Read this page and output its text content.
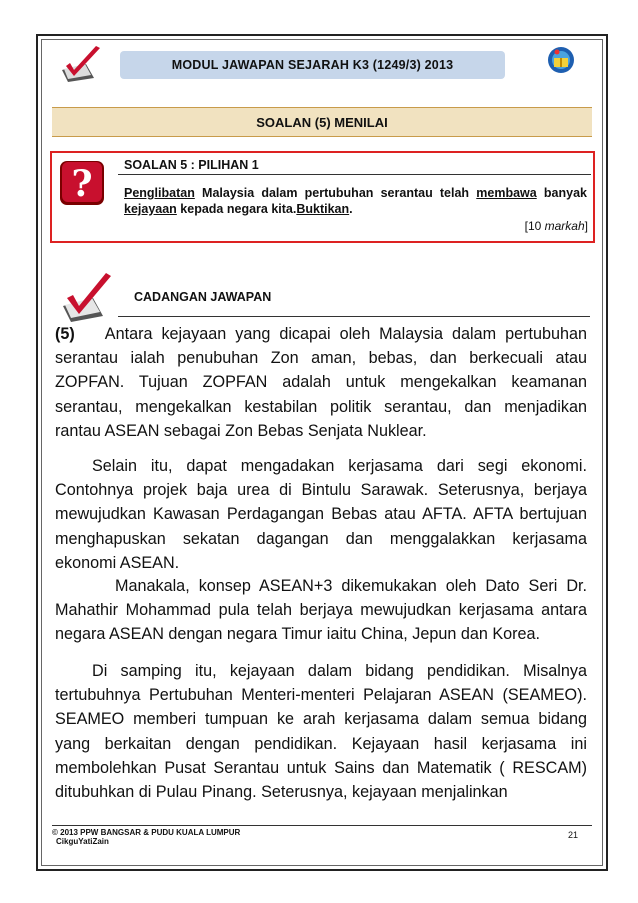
MODUL JAWAPAN SEJARAH K3 (1249/3) 2013
SOALAN (5) MENILAI
?	SOALAN 5 : PILIHAN 1
Penglibatan Malaysia dalam pertubuhan serantau telah membawa banyak kejayaan kepada negara kita.Buktikan.
[10 markah]
CADANGAN JAWAPAN
(5) Antara kejayaan yang dicapai oleh Malaysia dalam pertubuhan serantau ialah penubuhan Zon aman, bebas, dan berkecuali atau ZOPFAN. Tujuan ZOPFAN adalah untuk mengekalkan keamanan serantau, mengekalkan kestabilan politik serantau, dan menjadikan rantau ASEAN sebagai Zon Bebas Senjata Nuklear.
Selain itu, dapat mengadakan kerjasama dari segi ekonomi. Contohnya projek baja urea di Bintulu Sarawak. Seterusnya, berjaya mewujudkan Kawasan Perdagangan Bebas atau AFTA. AFTA bertujuan menghapuskan sekatan dagangan dan menggalakkan kerjasama ekonomi ASEAN.
Manakala, konsep ASEAN+3 dikemukakan oleh Dato Seri Dr. Mahathir Mohammad pula telah berjaya mewujudkan kerjasama antara negara ASEAN dengan negara Timur iaitu China, Jepun dan Korea.
Di samping itu, kejayaan dalam bidang pendidikan. Misalnya tertubuhnya Pertubuhan Menteri-menteri Pelajaran ASEAN (SEAMEO). SEAMEO memberi tumpuan ke arah kerjasama dalam semua bidang yang berkaitan dengan pendidikan. Kejayaan hasil kerjasama ini membolehkan Pusat Serantau untuk Sains dan Matematik ( RESCAM) ditubuhkan di Pulau Pinang. Seterusnya, kejayaan menjalinkan
© 2013 PPW BANGSAR & PUDU KUALA LUMPUR
CikguYatiZain
21
